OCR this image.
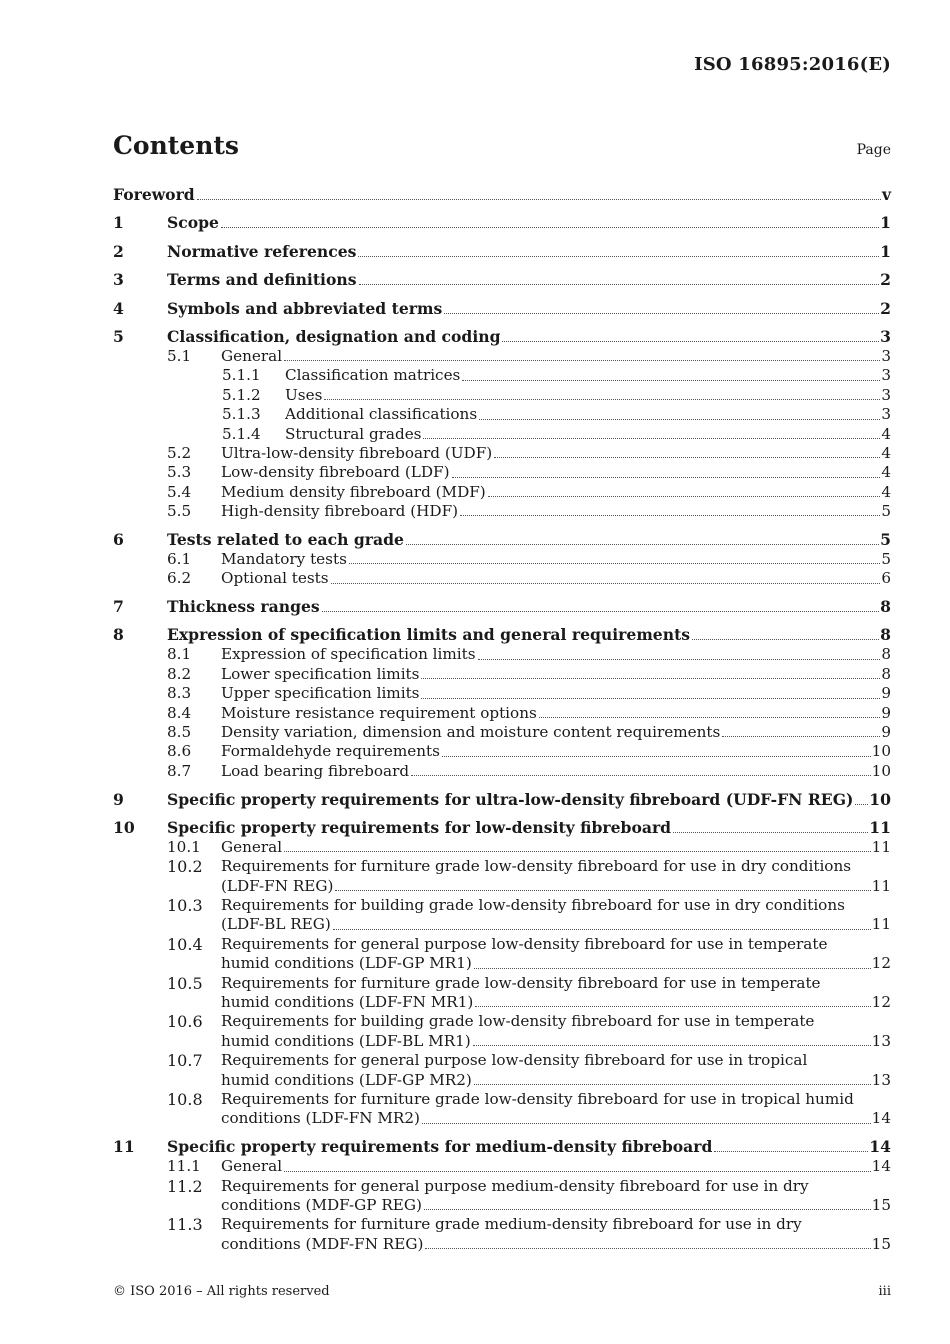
ISO 16895:2016(E)
Contents	Page
Foreword	v
1	Scope	1
2	Normative references	1
3	Terms and definitions	2
4	Symbols and abbreviated terms	2
5	Classification, designation and coding	3
5.1	General	3
5.1.1	Classification matrices	3
5.1.2	Uses	3
5.1.3	Additional classifications	3
5.1.4	Structural grades	4
5.2	Ultra-low-density fibreboard (UDF)	4
5.3	Low-density fibreboard (LDF)	4
5.4	Medium density fibreboard (MDF)	4
5.5	High-density fibreboard (HDF)	5
6	Tests related to each grade	5
6.1	Mandatory tests	5
6.2	Optional tests	6
7	Thickness ranges	8
8	Expression of specification limits and general requirements	8
8.1	Expression of specification limits	8
8.2	Lower specification limits	8
8.3	Upper specification limits	9
8.4	Moisture resistance requirement options	9
8.5	Density variation, dimension and moisture content requirements	9
8.6	Formaldehyde requirements	10
8.7	Load bearing fibreboard	10
9	Specific property requirements for ultra-low-density fibreboard (UDF-FN REG) 10
10	Specific property requirements for low-density fibreboard	11
10.1	General	11
10.2	Requirements for furniture grade low-density fibreboard for use in dry conditions
(LDF-FN REG)	11
10.3	Requirements for building grade low-density fibreboard for use in dry conditions
(LDF-BL REG)	11
10.4	Requirements for general purpose low-density fibreboard for use in temperate
humid conditions (LDF-GP MR1)	12
10.5	Requirements for furniture grade low-density fibreboard for use in temperate
humid conditions (LDF-FN MR1)	12
10.6	Requirements for building grade low-density fibreboard for use in temperate
humid conditions (LDF-BL MR1)	13
10.7	Requirements for general purpose low-density fibreboard for use in tropical
humid conditions (LDF-GP MR2)	13
10.8	Requirements for furniture grade low-density fibreboard for use in tropical humid
conditions (LDF-FN MR2)	14
11	Specific property requirements for medium-density fibreboard	14
11.1	General	14
11.2	Requirements for general purpose medium-density fibreboard for use in dry
conditions (MDF-GP REG)	15
11.3	Requirements for furniture grade medium-density fibreboard for use in dry
conditions (MDF-FN REG)	15
© ISO 2016 – All rights reserved	iii
